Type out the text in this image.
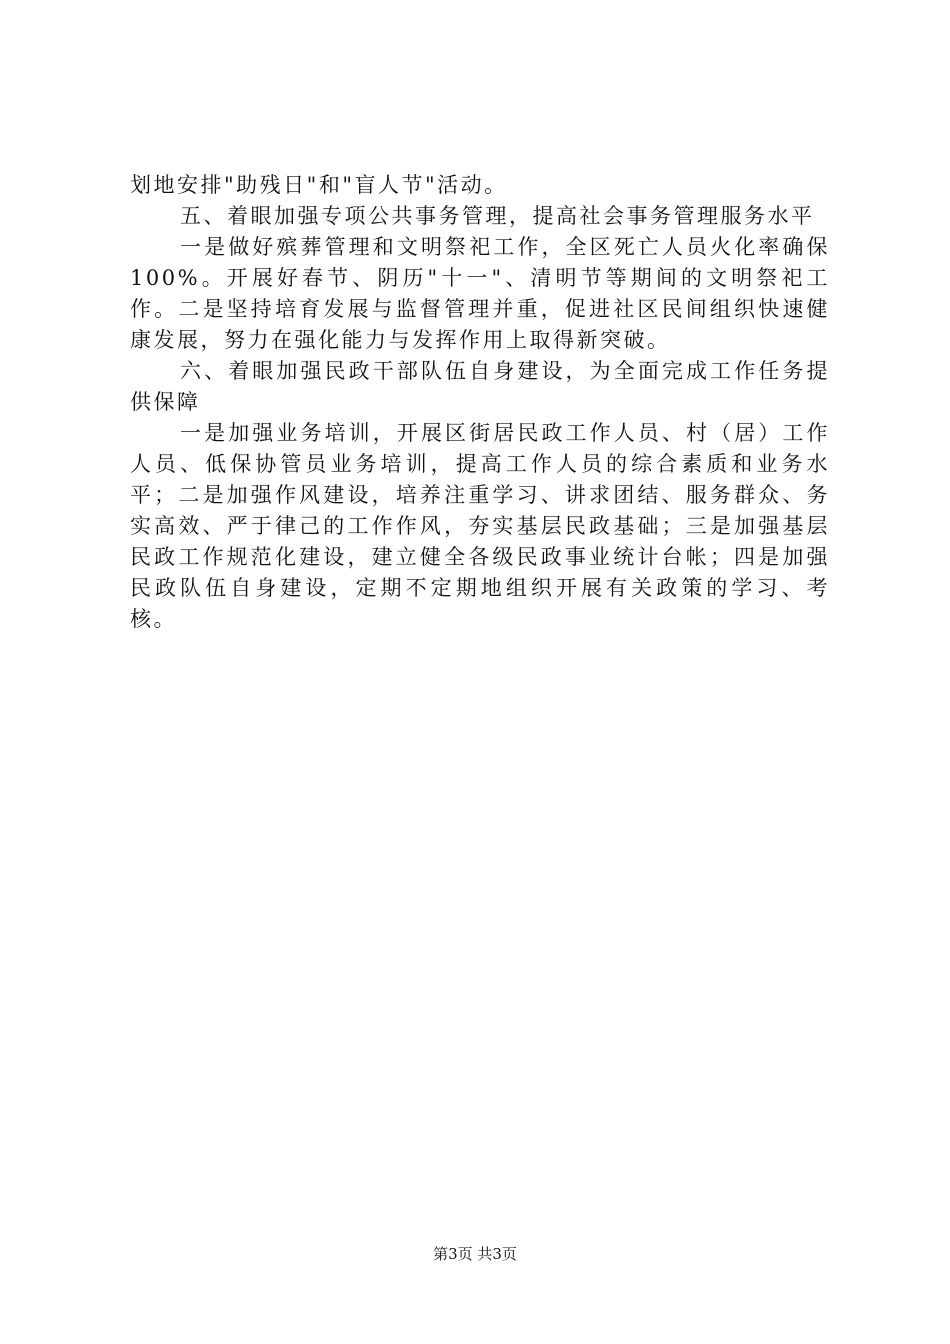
划地安排"助残日"和"盲人节"活动。

五、着眼加强专项公共事务管理，提高社会事务管理服务水平

一是做好殡葬管理和文明祭祀工作，全区死亡人员火化率确保100%。开展好春节、阴历"十一"、清明节等期间的文明祭祀工作。二是坚持培育发展与监督管理并重，促进社区民间组织快速健康发展，努力在强化能力与发挥作用上取得新突破。

六、着眼加强民政干部队伍自身建设，为全面完成工作任务提供保障

一是加强业务培训，开展区街居民政工作人员、村（居）工作人员、低保协管员业务培训，提高工作人员的综合素质和业务水平；二是加强作风建设，培养注重学习、讲求团结、服务群众、务实高效、严于律己的工作作风，夯实基层民政基础；三是加强基层民政工作规范化建设，建立健全各级民政事业统计台帐；四是加强民政队伍自身建设，定期不定期地组织开展有关政策的学习、考核。

第3页 共3页
